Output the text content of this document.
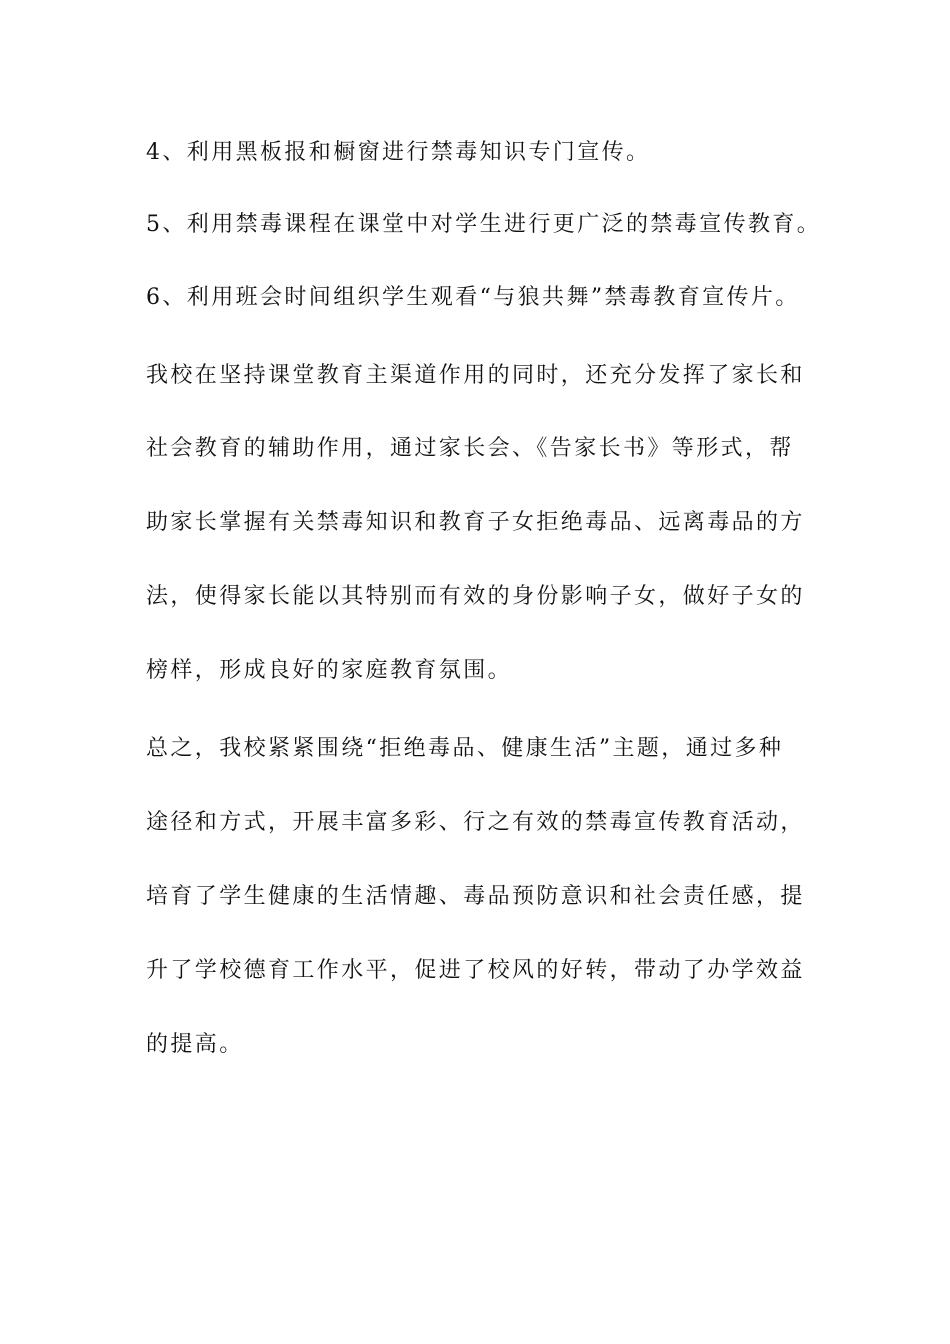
4、利用黑板报和橱窗进行禁毒知识专门宣传。
5、利用禁毒课程在课堂中对学生进行更广泛的禁毒宣传教育。
6、利用班会时间组织学生观看“与狼共舞”禁毒教育宣传片。
我校在坚持课堂教育主渠道作用的同时，还充分发挥了家长和
社会教育的辅助作用，通过家长会、《告家长书》等形式，帮
助家长掌握有关禁毒知识和教育子女拒绝毒品、远离毒品的方
法，使得家长能以其特别而有效的身份影响子女，做好子女的
榜样，形成良好的家庭教育氛围。
总之，我校紧紧围绕“拒绝毒品、健康生活”主题，通过多种
途径和方式，开展丰富多彩、行之有效的禁毒宣传教育活动，
培育了学生健康的生活情趣、毒品预防意识和社会责任感，提
升了学校德育工作水平，促进了校风的好转，带动了办学效益
的提高。
